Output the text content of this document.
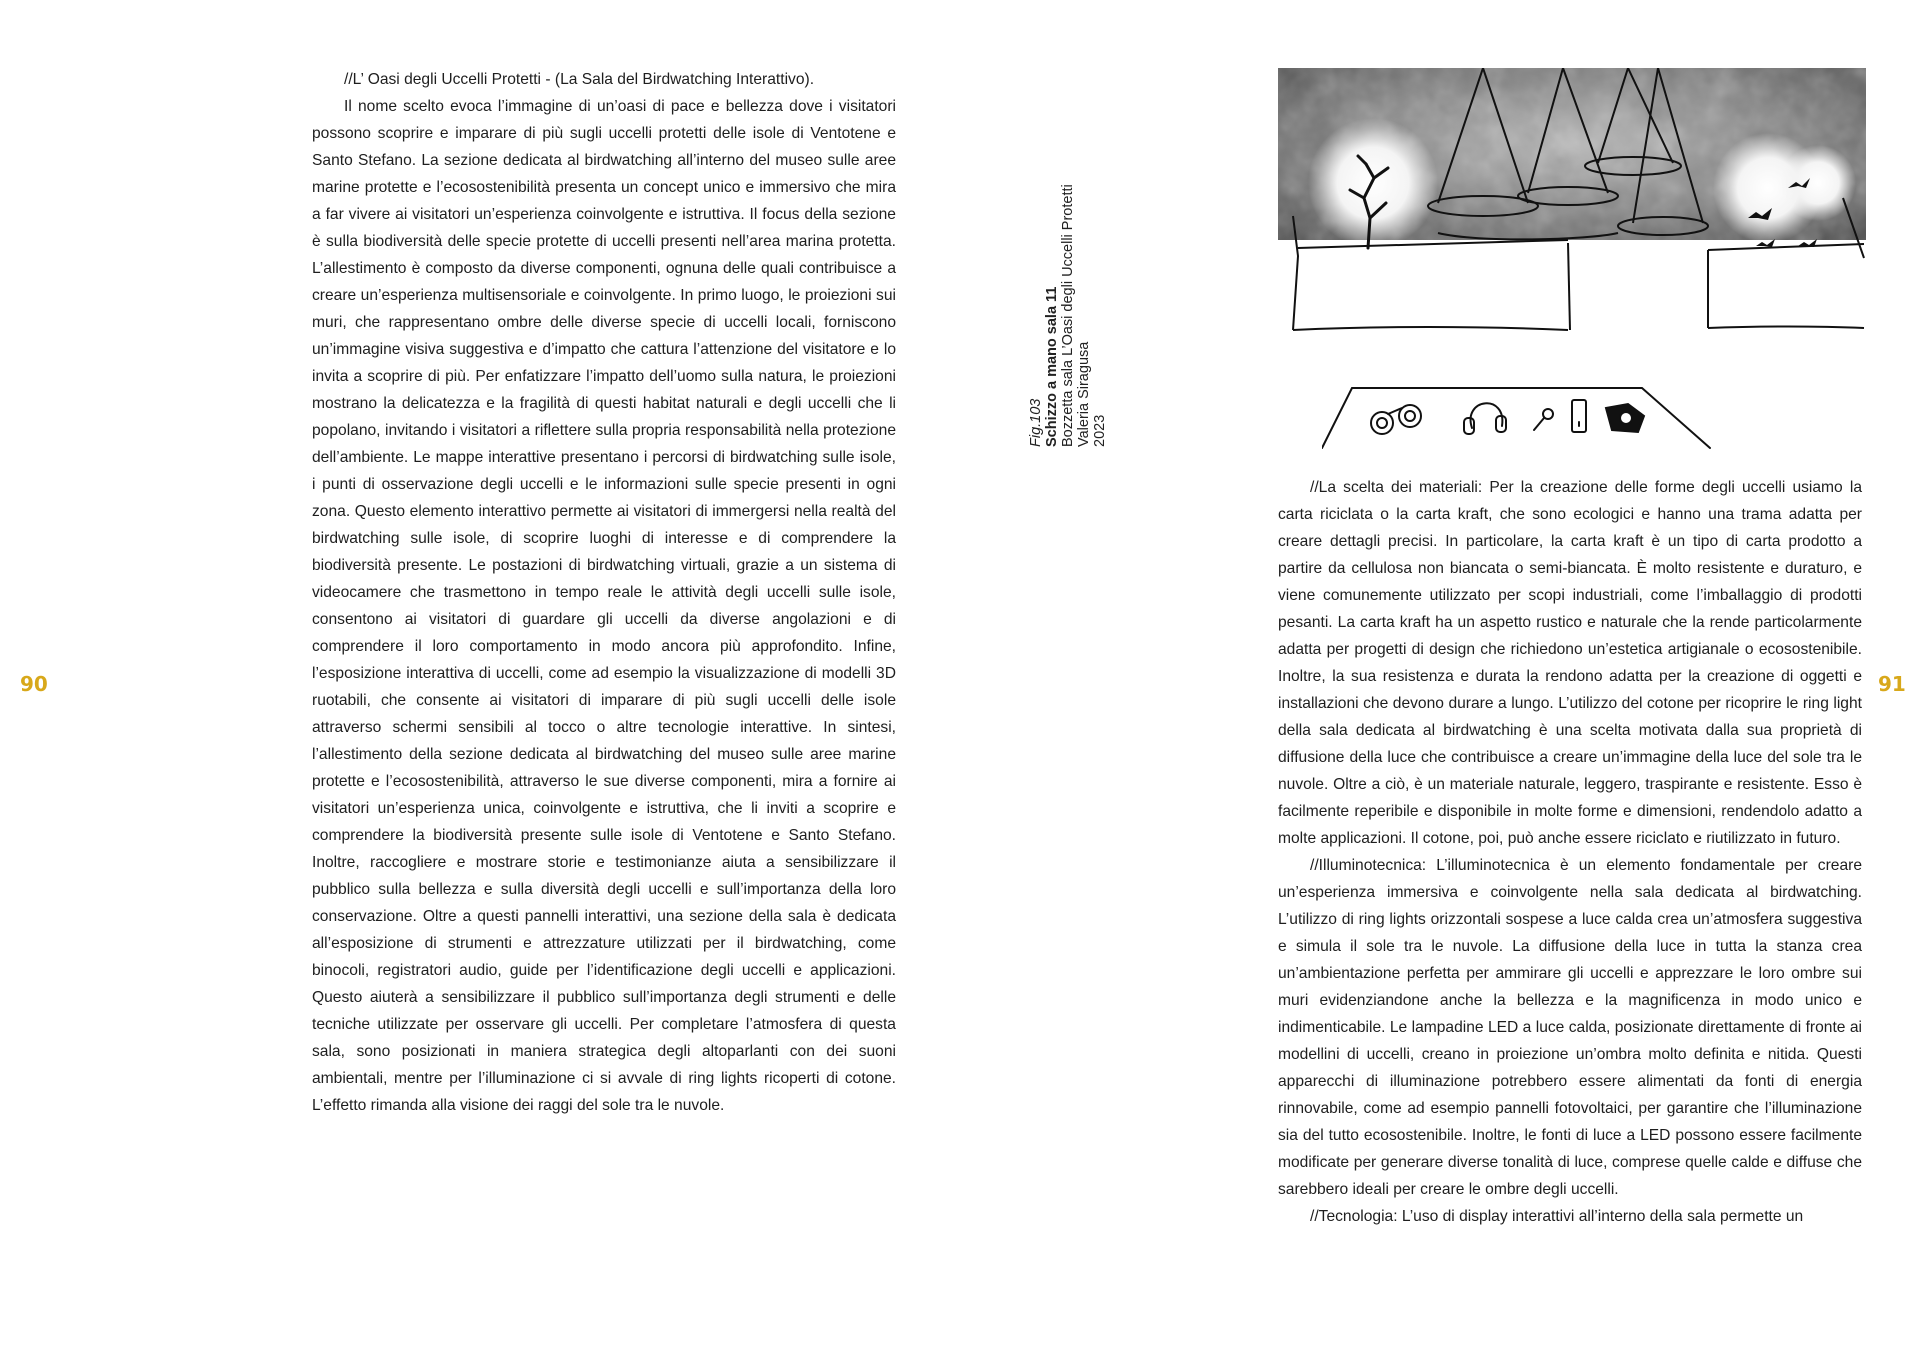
90	91

//L’ Oasi degli Uccelli Protetti - (La Sala del Birdwatching Interattivo).

Il nome scelto evoca l’immagine di un’oasi di pace e bellezza dove i visitatori possono scoprire e imparare di più sugli uccelli protetti delle isole di Ventotene e Santo Stefano. La sezione dedicata al birdwatching all’interno del museo sulle aree marine protette e l’ecosostenibilità presenta un concept unico e immersivo che mira a far vivere ai visitatori un’esperienza coinvolgente e istruttiva. Il focus della sezione è sulla biodiversità delle specie protette di uccelli presenti nell’area marina protetta. L’allestimento è composto da diverse componenti, ognuna delle quali contribuisce a creare un’esperienza multisensoriale e coinvolgente. In primo luogo, le proiezioni sui muri, che rappresentano ombre delle diverse specie di uccelli locali, forniscono un’immagine visiva suggestiva e d’impatto che cattura l’attenzione del visitatore e lo invita a scoprire di più. Per enfatizzare l’impatto dell’uomo sulla natura, le proiezioni mostrano la delicatezza e la fragilità di questi habitat naturali e degli uccelli che li popolano, invitando i visitatori a riflettere sulla propria responsabilità nella protezione dell’ambiente. Le mappe interattive presentano i percorsi di birdwatching sulle isole, i punti di osservazione degli uccelli e le informazioni sulle specie presenti in ogni zona. Questo elemento interattivo permette ai visitatori di immergersi nella realtà del birdwatching sulle isole, di scoprire luoghi di interesse e di comprendere la biodiversità presente. Le postazioni di birdwatching virtuali, grazie a un sistema di videocamere che trasmettono in tempo reale le attività degli uccelli sulle isole, consentono ai visitatori di guardare gli uccelli da diverse angolazioni e di comprendere il loro comportamento in modo ancora più approfondito. Infine, l’esposizione interattiva di uccelli, come ad esempio la visualizzazione di modelli 3D ruotabili, che consente ai visitatori di imparare di più sugli uccelli delle isole attraverso schermi sensibili al tocco o altre tecnologie interattive. In sintesi, l’allestimento della sezione dedicata al birdwatching del museo sulle aree marine protette e l’ecosostenibilità, attraverso le sue diverse componenti, mira a fornire ai visitatori un’esperienza unica, coinvolgente e istruttiva, che li inviti a scoprire e comprendere la biodiversità presente sulle isole di Ventotene e Santo Stefano. Inoltre, raccogliere e mostrare storie e testimonianze aiuta a sensibilizzare il pubblico sulla bellezza e sulla diversità degli uccelli e sull’importanza della loro conservazione. Oltre a questi pannelli interattivi, una sezione della sala è dedicata all’esposizione di strumenti e attrezzature utilizzati per il birdwatching, come binocoli, registratori audio, guide per l’identificazione degli uccelli e applicazioni. Questo aiuterà a sensibilizzare il pubblico sull’importanza degli strumenti e delle tecniche utilizzate per osservare gli uccelli. Per completare l’atmosfera di questa sala, sono posizionati in maniera strategica degli altoparlanti con dei suoni ambientali, mentre per l’illuminazione ci si avvale di ring lights ricoperti di cotone. L’effetto rimanda alla visione dei raggi del sole tra le nuvole.

Fig.103 Schizzo a mano sala 11 Bozzetta sala L’Oasi degli Uccelli Protetti Valeria Siragusa 2023

//La scelta dei materiali: Per la creazione delle forme degli uccelli usiamo la carta riciclata o la carta kraft, che sono ecologici e hanno una trama adatta per creare dettagli precisi. In particolare, la carta kraft è un tipo di carta prodotto a partire da cellulosa non biancata o semi-biancata. È molto resistente e duraturo, e viene comunemente utilizzato per scopi industriali, come l’imballaggio di prodotti pesanti. La carta kraft ha un aspetto rustico e naturale che la rende particolarmente adatta per progetti di design che richiedono un’estetica artigianale o ecosostenibile. Inoltre, la sua resistenza e durata la rendono adatta per la creazione di oggetti e installazioni che devono durare a lungo. L’utilizzo del cotone per ricoprire le ring light della sala dedicata al birdwatching è una scelta motivata dalla sua proprietà di diffusione della luce che contribuisce a creare un’immagine della luce del sole tra le nuvole. Oltre a ciò, è un materiale naturale, leggero, traspirante e resistente. Esso è facilmente reperibile e disponibile in molte forme e dimensioni, rendendolo adatto a molte applicazioni. Il cotone, poi, può anche essere riciclato e riutilizzato in futuro.

//Illuminotecnica: L’illuminotecnica è un elemento fondamentale per creare un’esperienza immersiva e coinvolgente nella sala dedicata al birdwatching. L’utilizzo di ring lights orizzontali sospese a luce calda crea un’atmosfera suggestiva e simula il sole tra le nuvole. La diffusione della luce in tutta la stanza crea un’ambientazione perfetta per ammirare gli uccelli e apprezzare le loro ombre sui muri evidenziandone anche la bellezza e la magnificenza in modo unico e indimenticabile. Le lampadine LED a luce calda, posizionate direttamente di fronte ai modellini di uccelli, creano in proiezione un’ombra molto definita e nitida. Questi apparecchi di illuminazione potrebbero essere alimentati da fonti di energia rinnovabile, come ad esempio pannelli fotovoltaici, per garantire che l’illuminazione sia del tutto ecosostenibile. Inoltre, le fonti di luce a LED possono essere facilmente modificate per generare diverse tonalità di luce, comprese quelle calde e diffuse che sarebbero ideali per creare le ombre degli uccelli.

//Tecnologia: L’uso di display interattivi all’interno della sala permette un
